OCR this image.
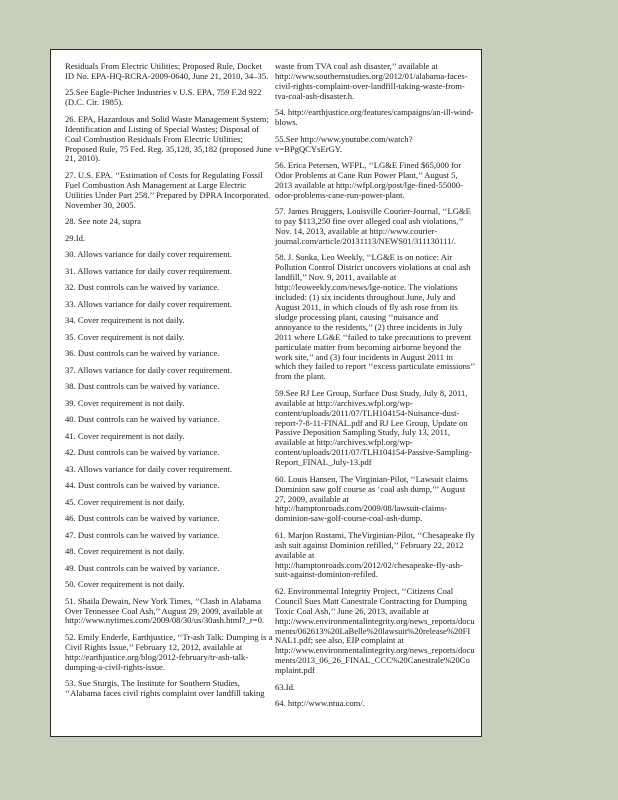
Residuals From Electric Utilities; Proposed Rule, Docket ID No. EPA-HQ-RCRA-2009-0640, June 21, 2010, 34–35.

25.See Eagle-Picher Industries v U.S. EPA, 759 F.2d 922 (D.C. Cir. 1985).

26. EPA, Hazardous and Solid Waste Management System; Identification and Listing of Special Wastes; Disposal of Coal Combustion Residuals From Electric Utilities; Proposed Rule, 75 Fed. Reg. 35,128, 35,182 (proposed June 21, 2010).

27. U.S. EPA. ‘‘Estimation of Costs for Regulating Fossil Fuel Combustion Ash Management at Large Electric Utilities Under Part 258.’’ Prepared by DPRA Incorporated. November 30, 2005.

28. See note 24, supra

29.Id.

30. Allows variance for daily cover requirement.

31. Allows variance for daily cover requirement.

32. Dust controls can be waived by variance.

33. Allows variance for daily cover requirement.

34. Cover requirement is not daily.

35. Cover requirement is not daily.

36. Dust controls can be waived by variance.

37. Allows variance for daily cover requirement.

38. Dust controls can be waived by variance.

39. Cover requirement is not daily.

40. Dust controls can be waived by variance.

41. Cover requirement is not daily.

42. Dust controls can be waived by variance.

43. Allows variance for daily cover requirement.

44. Dust controls can be waived by variance.

45. Cover requirement is not daily.

46. Dust controls can be waived by variance.

47. Dust controls can be waived by variance.

48. Cover requirement is not daily.

49. Dust controls can be waived by variance.

50. Cover requirement is not daily.

51. Shaila Dewain, New York Times, ‘‘Clash in Alabama Over Tennessee Coal Ash,’’ August 29, 2009, available at http://www.nytimes.com/2009/08/30/us/30ash.html?_r=0.

52. Emily Enderle, Earthjustice, ‘‘Tr-ash Talk: Dumping is a Civil Rights Issue,’’ February 12, 2012, available at http://earthjustice.org/blog/2012-february/tr-ash-talk-dumping-a-civil-rights-issue.

53. Sue Sturgis, The Institute for Southern Studies, ‘‘Alabama faces civil rights complaint over landfill taking

waste from TVA coal ash disaster,’’ available at http://www.southernstudies.org/2012/01/alabama-faces-civil-rights-complaint-over-landfill-taking-waste-from-tva-coal-ash-disaster.h.

54. http://earthjustice.org/features/campaigns/an-ill-wind-blows.

55.See http://www.youtube.com/watch?v=BPgQCYsErGY.

56. Erica Petersen, WFPL, ‘‘LG&E Fined $65,000 for Odor Problems at Cane Run Power Plant,’’ August 5, 2013 available at http://wfpl.org/post/lge-fined-55000-odor-problems-cane-run-power-plant.

57. James Bruggers, Louisville Courier-Journal, ‘‘LG&E to pay $113,250 fine over alleged coal ash violations,’’ Nov. 14, 2013, available at http://www.courier-journal.com/article/20131113/NEWS01/311130111/.

58. J. Sonka, Leo Weekly, ‘‘LG&E is on notice: Air Pollution Control District uncovers violations at coal ash landfill,’’ Nov. 9, 2011, available at http://leoweekly.com/news/lge-notice. The violations included: (1) six incidents throughout June, July and August 2011, in which clouds of fly ash rose from its sludge processing plant, causing ‘‘nuisance and annoyance to the residents,’’ (2) three incidents in July 2011 where LG&E ‘‘failed to take precautions to prevent particulate matter from becoming airborne beyond the work site,’’ and (3) four incidents in August 2011 in which they failed to report ‘‘excess particulate emissions’’ from the plant.

59.See RJ Lee Group, Surface Dust Study, July 8, 2011, available at http://archives.wfpl.org/wp-content/uploads/2011/07/TLH104154-Nuisance-dust-report-7-8-11-FINAL.pdf and RJ Lee Group, Update on Passive Deposition Sampling Study, July 13, 2011, available at http://archives.wfpl.org/wp-content/uploads/2011/07/TLH104154-Passive-Sampling-Report_FINAL_July-13.pdf

60. Louis Hansen, The Virginian-Pilot, ‘‘Lawsuit claims Dominion saw golf course as ‘coal ash dump,’’’ August 27, 2009, available at http://hamptonroads.com/2009/08/lawsuit-claims-dominion-saw-golf-course-coal-ash-dump.

61. Marjon Rostami, TheVirginian-Pilot, ‘‘Chesapeake fly ash suit against Dominion refilled,’’ February 22, 2012 available at http://hamptonroads.com/2012/02/chesapeake-fly-ash-suit-against-dominion-refiled.

62. Environmental Integrity Project, ‘‘Citizens Coal Council Sues Matt Canestrale Contracting for Dumping Toxic Coal Ash,’’ June 26, 2013, available at http://www.environmentalintegrity.org/news_reports/documents/062613%20LaBelle%20lawsuit%20release%20FINAL1.pdf; see also, EIP complaint at http://www.environmentalintegrity.org/news_reports/documents/2013_06_26_FINAL_CCC%20Canestrale%20Complaint.pdf

63.Id.

64. http://www.ntua.com/.
